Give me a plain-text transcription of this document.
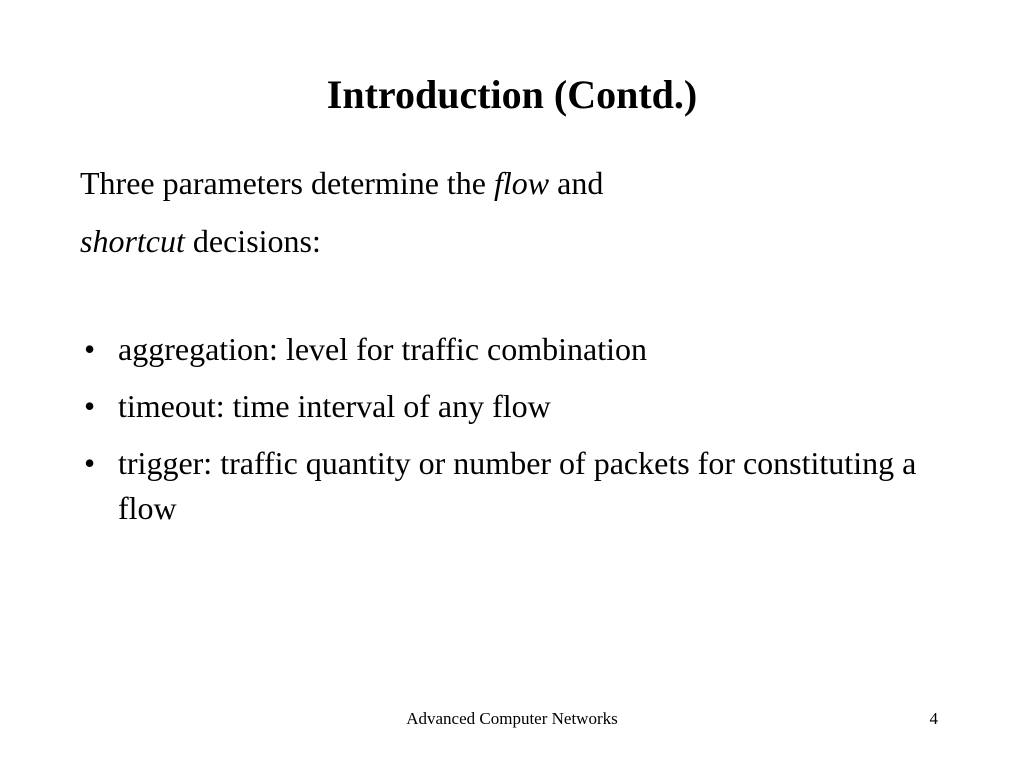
Introduction (Contd.)

Three parameters determine the flow and
shortcut decisions:

• aggregation: level for traffic combination
• timeout: time interval of any flow
• trigger: traffic quantity or number of packets for constituting a flow
Advanced Computer Networks	4
